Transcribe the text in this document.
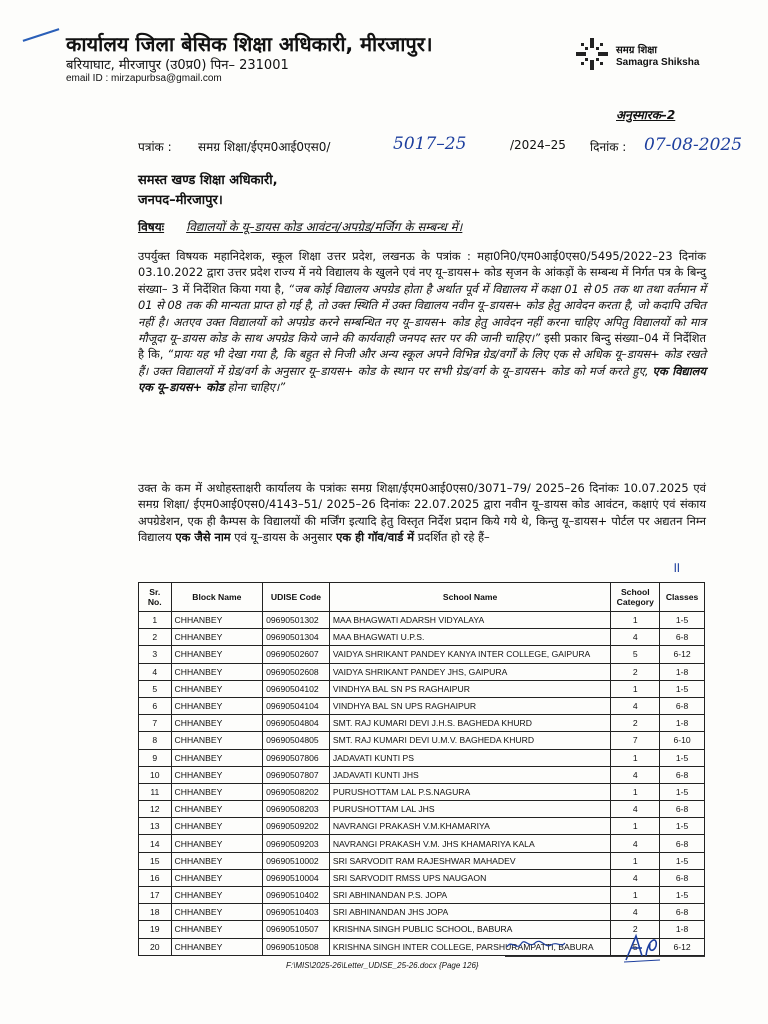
कार्यालय जिला बेसिक शिक्षा अधिकारी, मीरजापुर।
बरियाघाट, मीरजापुर (उ0प्र0) पिन– 231001
email ID : mirzapurbsa@gmail.com
समग्र शिक्षा
Samagra Shiksha
अनुस्मारक–2
पत्रांक : समग्र शिक्षा/ईएम0आई0एस0/	5017–25	/2024–25 दिनांक : 07-08-2025
समस्त खण्ड शिक्षा अधिकारी,
जनपद–मीरजापुर।
विषयः विद्यालयों के यू–डायस कोड आवंटन/अपग्रेड/मर्जिग के सम्बन्ध में।
उपर्युक्त विषयक महानिदेशक, स्कूल शिक्षा उत्तर प्रदेश, लखनऊ के पत्रांक : महा0नि0/एम0आई0एस0/5495/2022–23 दिनांक 03.10.2022 द्वारा उत्तर प्रदेश राज्य में नये विद्यालय के खुलने एवं नए यू–डायस+ कोड सृजन के आंकड़ों के सम्बन्ध में निर्गत पत्र के बिन्दु संख्या– 3 में निर्देशित किया गया है, “जब कोई विद्यालय अपग्रेड होता है अर्थात पूर्व में विद्यालय में कक्षा 01 से 05 तक था तथा वर्तमान में 01 से 08 तक की मान्यता प्राप्त हो गई है, तो उक्त स्थिति में उक्त विद्यालय नवीन यू–डायस+ कोड हेतु आवेदन करता है, जो कदापि उचित नहीं है। अतएव उक्त विद्यालयों को अपग्रेड करने सम्बन्धित नए यू–डायस+ कोड हेतु आवेदन नहीं करना चाहिए अपितु विद्यालयों को मात्र मौजूदा यू–डायस कोड के साथ अपग्रेड किये जाने की कार्यवाही जनपद स्तर पर की जानी चाहिए।” इसी प्रकार बिन्दु संख्या–04 में निर्देशित है कि, “प्रायः यह भी देखा गया है, कि बहुत से निजी और अन्य स्कूल अपने विभिन्न ग्रेड/वर्गों के लिए एक से अधिक यू–डायस+ कोड रखते हैं। उक्त विद्यालयों में ग्रेड/वर्ग के अनुसार यू–डायस+ कोड के स्थान पर सभी ग्रेड/वर्ग के यू–डायस+ कोड को मर्ज करते हुए, एक विद्यालय एक यू–डायस+ कोड होना चाहिए।”
उक्त के कम में अधोहस्ताक्षरी कार्यालय के पत्रांकः समग्र शिक्षा/ईएम0आई0एस0/3071–79/ 2025–26 दिनांकः 10.07.2025 एवं समग्र शिक्षा/ ईएम0आई0एस0/4143–51/ 2025–26 दिनांकः 22.07.2025 द्वारा नवीन यू–डायस कोड आवंटन, कक्षाएं एवं संकाय अपग्रेडेशन, एक ही कैम्पस के विद्यालयों की मर्जिंग इत्यादि हेतु विस्तृत निर्देश प्रदान किये गये थे, किन्तु यू–डायस+ पोर्टल पर अद्यतन निम्न विद्यालय एक जैसे नाम एवं यू–डायस के अनुसार एक ही गॉव/वार्ड में प्रदर्शित हो रहे हैं–
॥
Sr. No.	Block Name	UDISE Code	School Name	School Category	Classes
1	CHHANBEY	09690501302	MAA BHAGWATI ADARSH VIDYALAYA	1	1-5
2	CHHANBEY	09690501304	MAA BHAGWATI U.P.S.	4	6-8
3	CHHANBEY	09690502607	VAIDYA SHRIKANT PANDEY KANYA INTER COLLEGE, GAIPURA	5	6-12
4	CHHANBEY	09690502608	VAIDYA SHRIKANT PANDEY JHS, GAIPURA	2	1-8
5	CHHANBEY	09690504102	VINDHYA BAL SN PS RAGHAIPUR	1	1-5
6	CHHANBEY	09690504104	VINDHYA BAL SN UPS RAGHAIPUR	4	6-8
7	CHHANBEY	09690504804	SMT. RAJ KUMARI DEVI J.H.S. BAGHEDA KHURD	2	1-8
8	CHHANBEY	09690504805	SMT. RAJ KUMARI DEVI U.M.V. BAGHEDA KHURD	7	6-10
9	CHHANBEY	09690507806	JADAVATI KUNTI PS	1	1-5
10	CHHANBEY	09690507807	JADAVATI KUNTI JHS	4	6-8
11	CHHANBEY	09690508202	PURUSHOTTAM LAL P.S.NAGURA	1	1-5
12	CHHANBEY	09690508203	PURUSHOTTAM LAL JHS	4	6-8
13	CHHANBEY	09690509202	NAVRANGI PRAKASH V.M.KHAMARIYA	1	1-5
14	CHHANBEY	09690509203	NAVRANGI PRAKASH V.M. JHS KHAMARIYA KALA	4	6-8
15	CHHANBEY	09690510002	SRI SARVODIT RAM RAJESHWAR MAHADEV	1	1-5
16	CHHANBEY	09690510004	SRI SARVODIT RMSS UPS NAUGAON	4	6-8
17	CHHANBEY	09690510402	SRI ABHINANDAN P.S. JOPA	1	1-5
18	CHHANBEY	09690510403	SRI ABHINANDAN JHS JOPA	4	6-8
19	CHHANBEY	09690510507	KRISHNA SINGH PUBLIC SCHOOL, BABURA	2	1-8
20	CHHANBEY	09690510508	KRISHNA SINGH INTER COLLEGE, PARSHURAMPATTI, BABURA	5	6-12
F:\MIS\2025-26\Letter_UDISE_25-26.docx {Page 126}
